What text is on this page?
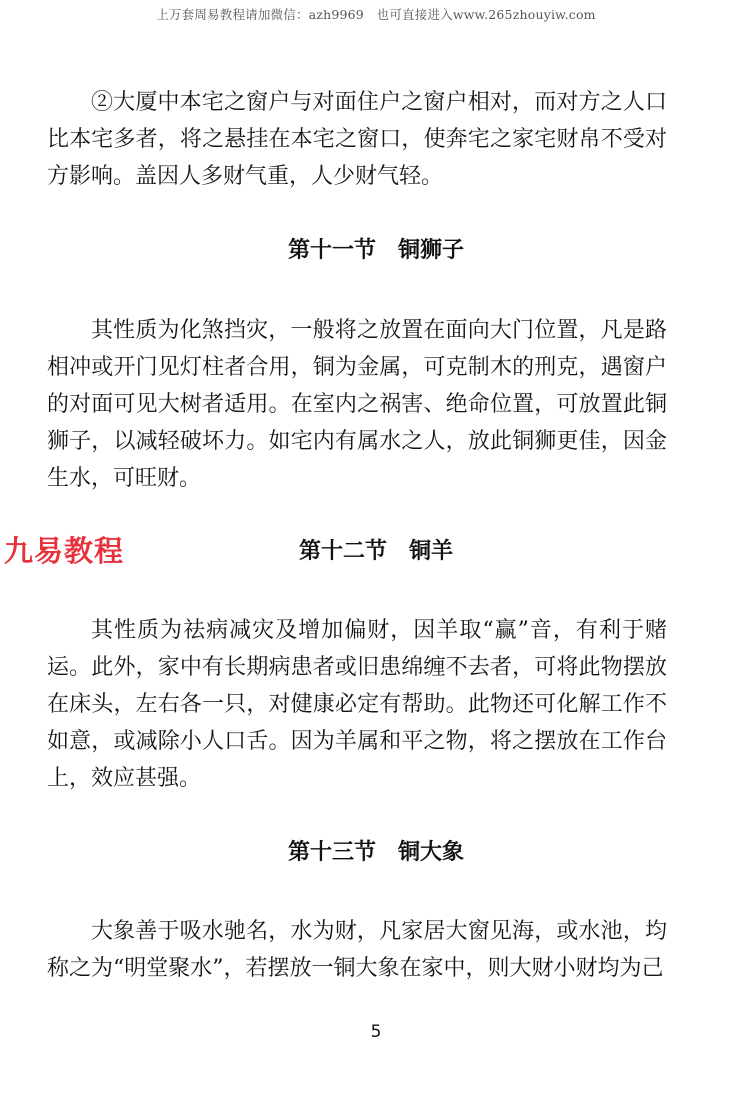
上万套周易教程请加微信：azh9969　也可直接进入www.265zhouyiw.com

②大厦中本宅之窗户与对面住户之窗户相对，而对方之人口比本宅多者，将之悬挂在本宅之窗口，使奔宅之家宅财帛不受对方影响。盖因人多财气重，人少财气轻。

第十一节　铜狮子

其性质为化煞挡灾，一般将之放置在面向大门位置，凡是路相冲或开门见灯柱者合用，铜为金属，可克制木的刑克，遇窗户的对面可见大树者适用。在室内之祸害、绝命位置，可放置此铜狮子，以减轻破坏力。如宅内有属水之人，放此铜狮更佳，因金生水，可旺财。

九易教程	第十二节　铜羊

其性质为祛病减灾及增加偏财，因羊取“赢”音，有利于赌运。此外，家中有长期病患者或旧患绵缠不去者，可将此物摆放在床头，左右各一只，对健康必定有帮助。此物还可化解工作不如意，或减除小人口舌。因为羊属和平之物，将之摆放在工作台上，效应甚强。

第十三节　铜大象

大象善于吸水驰名，水为财，凡家居大窗见海，或水池，均称之为“明堂聚水”，若摆放一铜大象在家中，则大财小财均为己

5
